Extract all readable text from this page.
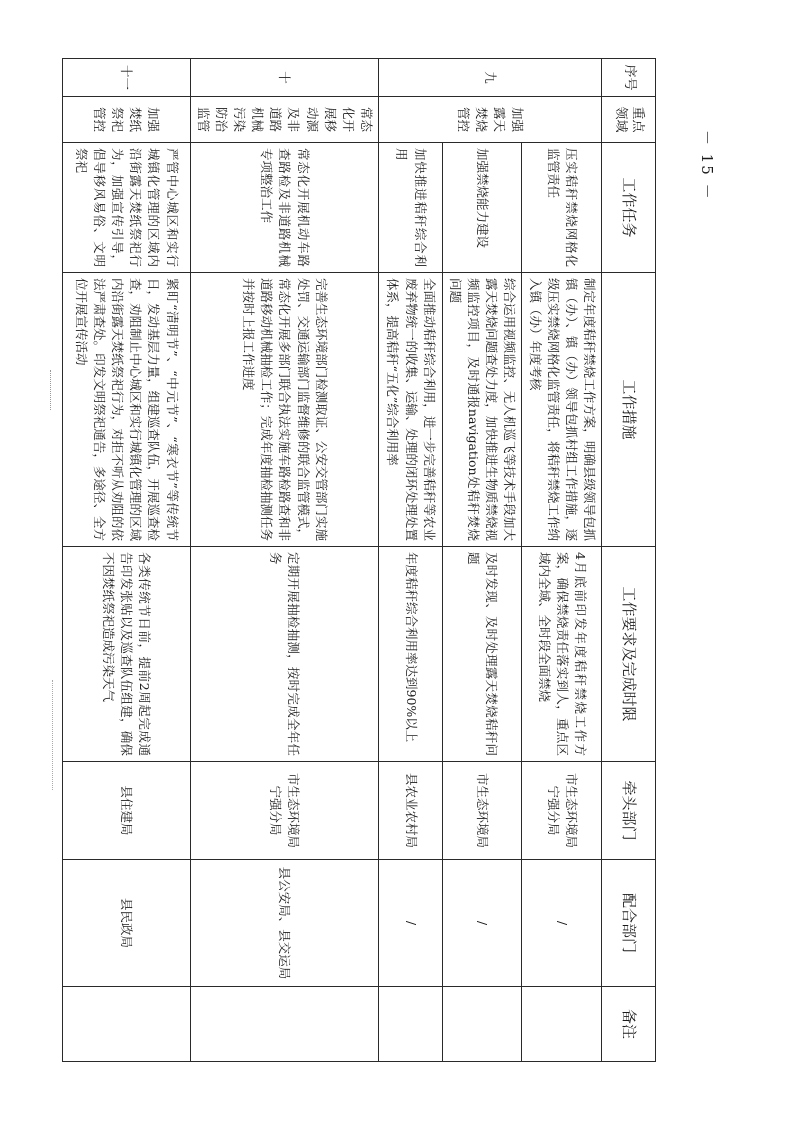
－ 15 －
序号	重点领域	工作任务	工作措施	工作要求及完成时限	牵头部门	配合部门	备注
九	加强露天焚烧管控	压实秸秆禁烧网格化监管责任	制定年度秸秆禁烧工作方案，明确县级领导包抓镇（办）、镇（办）领导包抓村组工作措施，逐级压实禁烧网格化监管责任，将秸秆禁烧工作纳入镇（办）年度考核	4月底前印发年度秸秆禁烧工作方案，确保禁烧责任落实到人，重点区域内全域、全时段全面禁烧	市生态环境局宁强分局	/	
		加强禁烧能力建设	综合运用视频监控、无人机巡飞等技术手段加大露天焚烧问题查处力度，加快推进生物质禁烧视频监控项目，及时通报navigation处秸秆焚烧问题	及时发现、及时处理露天焚烧秸秆问题	市生态环境局	/	
		加快推进秸秆综合利用	全面推动秸秆综合利用，进一步完善秸秆等农业废弃物统一的收集、运输、处理的闭环处理处置体系，提高秸秆“五化”综合利用率	年度秸秆综合利用率达到90%以上	县农业农村局	/	
十	常态化开展移动源及非道路机械污染防治监管	常态化开展机动车路查路检及非道路机械专项整治工作	完善生态环境部门检测取证、公安交管部门实施处罚、交通运输部门监督维修的联合监管模式，常态化开展多部门联合执法实施车路检路查和非道路移动机械抽检工作；完成年度抽检抽测任务并按时上报工作进度	定期开展抽检抽测，按时完成全年任务	市生态环境局宁强分局	县公安局、县交运局	
十一	加强焚纸祭祀管控	严管中心城区和实行城镇化管理的区域内沿街露天焚纸祭祀行为，加强宣传引导，倡导移风易俗、文明祭祀	紧盯“清明节”、“中元节”、“寒衣节”等传统节日，发动基层力量，组建巡查队伍，开展巡查检查，劝阻制止中心城区和实行城镇化管理的区域内沿街露天焚纸祭祀行为，对拒不听从劝阻的依法严肃查处。印发文明祭祀通告，多途径、全方位开展宣传活动	各类传统节日前，提前2周起完成通告印发张贴以及巡查队伍组建，确保不因焚纸祭祀造成污染天气	县住建局	县民政局	
